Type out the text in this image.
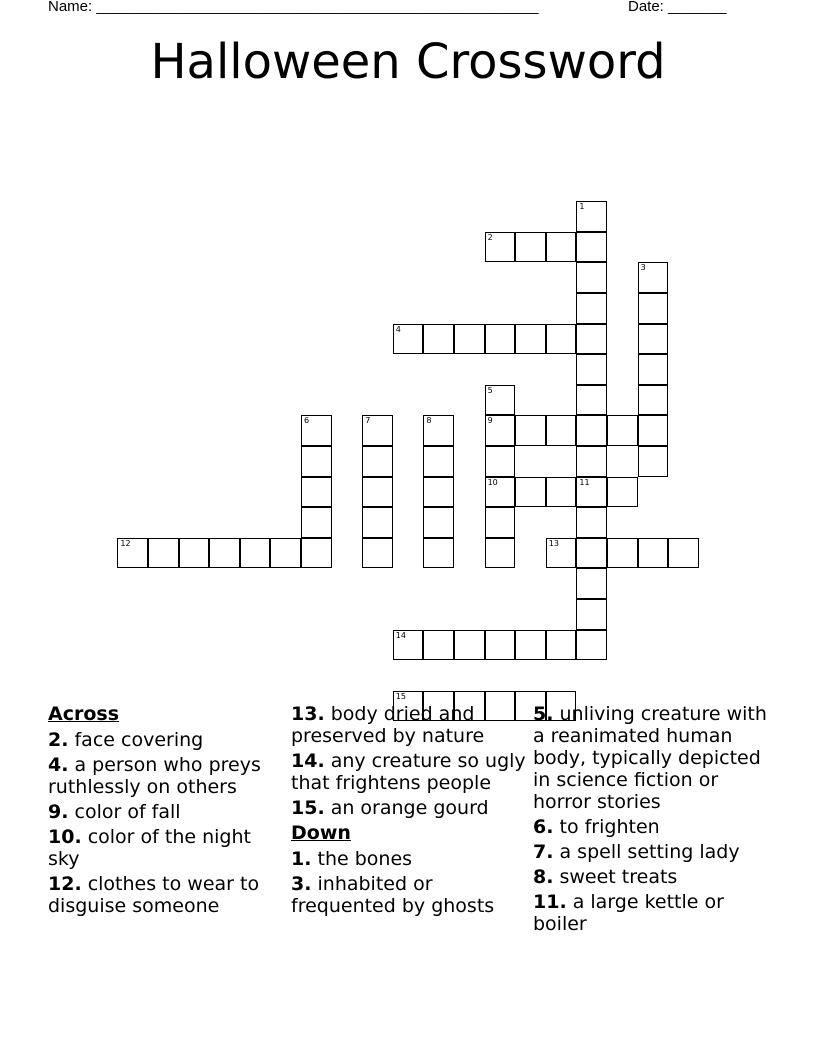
Name: _____________________________________________________	Date: _______
Halloween Crossword
1
2
3
4
5
9
10	11
6	7	8
12	13
14
15
Across
2. face covering
4. a person who preys ruthlessly on others
9. color of fall
10. color of the night sky
12. clothes to wear to disguise someone
13. body dried and preserved by nature
14. any creature so ugly that frightens people
15. an orange gourd
Down
1. the bones
3. inhabited or frequented by ghosts
5. unliving creature with a reanimated human body, typically depicted in science fiction or horror stories
6. to frighten
7. a spell setting lady
8. sweet treats
11. a large kettle or boiler
